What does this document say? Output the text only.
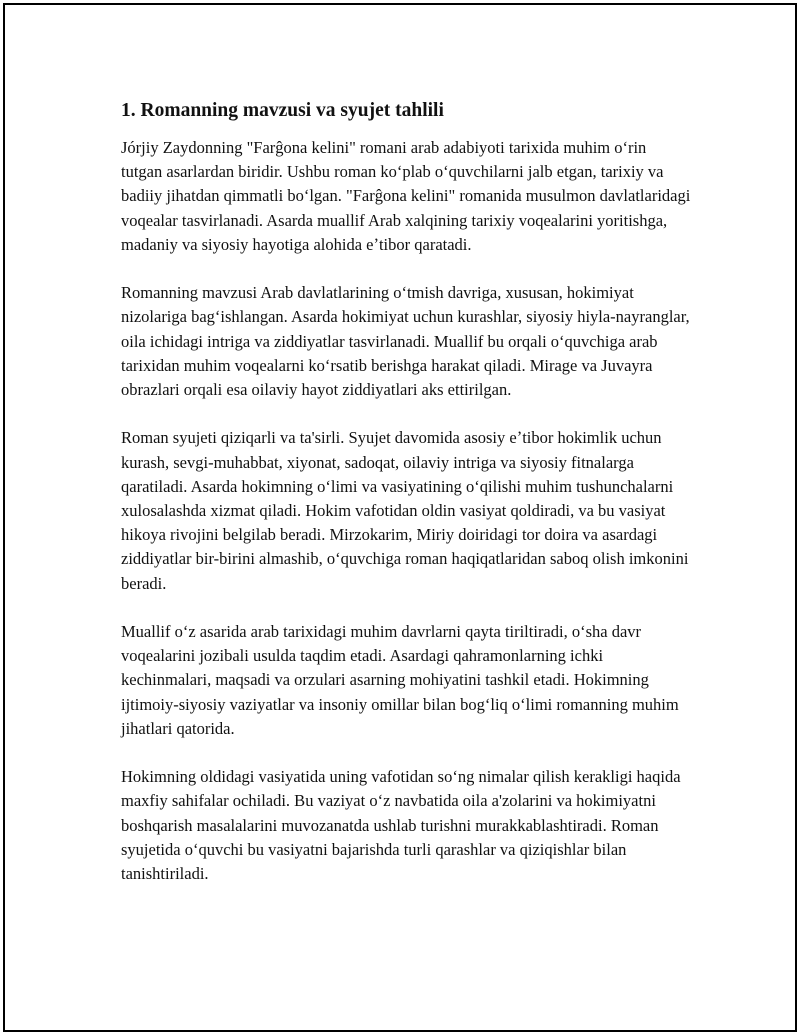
1. Romanning mavzusi va syujet tahlili

Jórjiy Zaydonning "Farĝona kelini" romani arab adabiyoti tarixida muhim oʻrin tutgan asarlardan biridir. Ushbu roman koʻplab oʻquvchilarni jalb etgan, tarixiy va badiiy jihatdan qimmatli boʻlgan. "Farĝona kelini" romanida musulmon davlatlaridagi voqealar tasvirlanadi. Asarda muallif Arab xalqining tarixiy voqealarini yoritishga, madaniy va siyosiy hayotiga alohida eʼtibor qaratadi.

Romanning mavzusi Arab davlatlarining oʻtmish davriga, xususan, hokimiyat nizolariga bagʻishlangan. Asarda hokimiyat uchun kurashlar, siyosiy hiyla-nayranglar, oila ichidagi intriga va ziddiyatlar tasvirlanadi. Muallif bu orqali oʻquvchiga arab tarixidan muhim voqealarni koʻrsatib berishga harakat qiladi. Mirage va Juvayra obrazlari orqali esa oilaviy hayot ziddiyatlari aks ettirilgan.

Roman syujeti qiziqarli va ta'sirli. Syujet davomida asosiy eʼtibor hokimlik uchun kurash, sevgi-muhabbat, xiyonat, sadoqat, oilaviy intriga va siyosiy fitnalarga qaratiladi. Asarda hokimning oʻlimi va vasiyatining oʻqilishi muhim tushunchalarni xulosalashda xizmat qiladi. Hokim vafotidan oldin vasiyat qoldiradi, va bu vasiyat hikoya rivojini belgilab beradi. Mirzokarim, Miriy doiridagi tor doira va asardagi ziddiyatlar bir-birini almashib, oʻquvchiga roman haqiqatlaridan saboq olish imkonini beradi.

Muallif oʻz asarida arab tarixidagi muhim davrlarni qayta tiriltiradi, oʻsha davr voqealarini jozibali usulda taqdim etadi. Asardagi qahramonlarning ichki kechinmalari, maqsadi va orzulari asarning mohiyatini tashkil etadi. Hokimning ijtimoiy-siyosiy vaziyatlar va insoniy omillar bilan bogʻliq oʻlimi romanning muhim jihatlari qatorida.

Hokimning oldidagi vasiyatida uning vafotidan soʻng nimalar qilish kerakligi haqida maxfiy sahifalar ochiladi. Bu vaziyat oʻz navbatida oila a'zolarini va hokimiyatni boshqarish masalalarini muvozanatda ushlab turishni murakkablashtiradi. Roman syujetida oʻquvchi bu vasiyatni bajarishda turli qarashlar va qiziqishlar bilan tanishtiriladi.
